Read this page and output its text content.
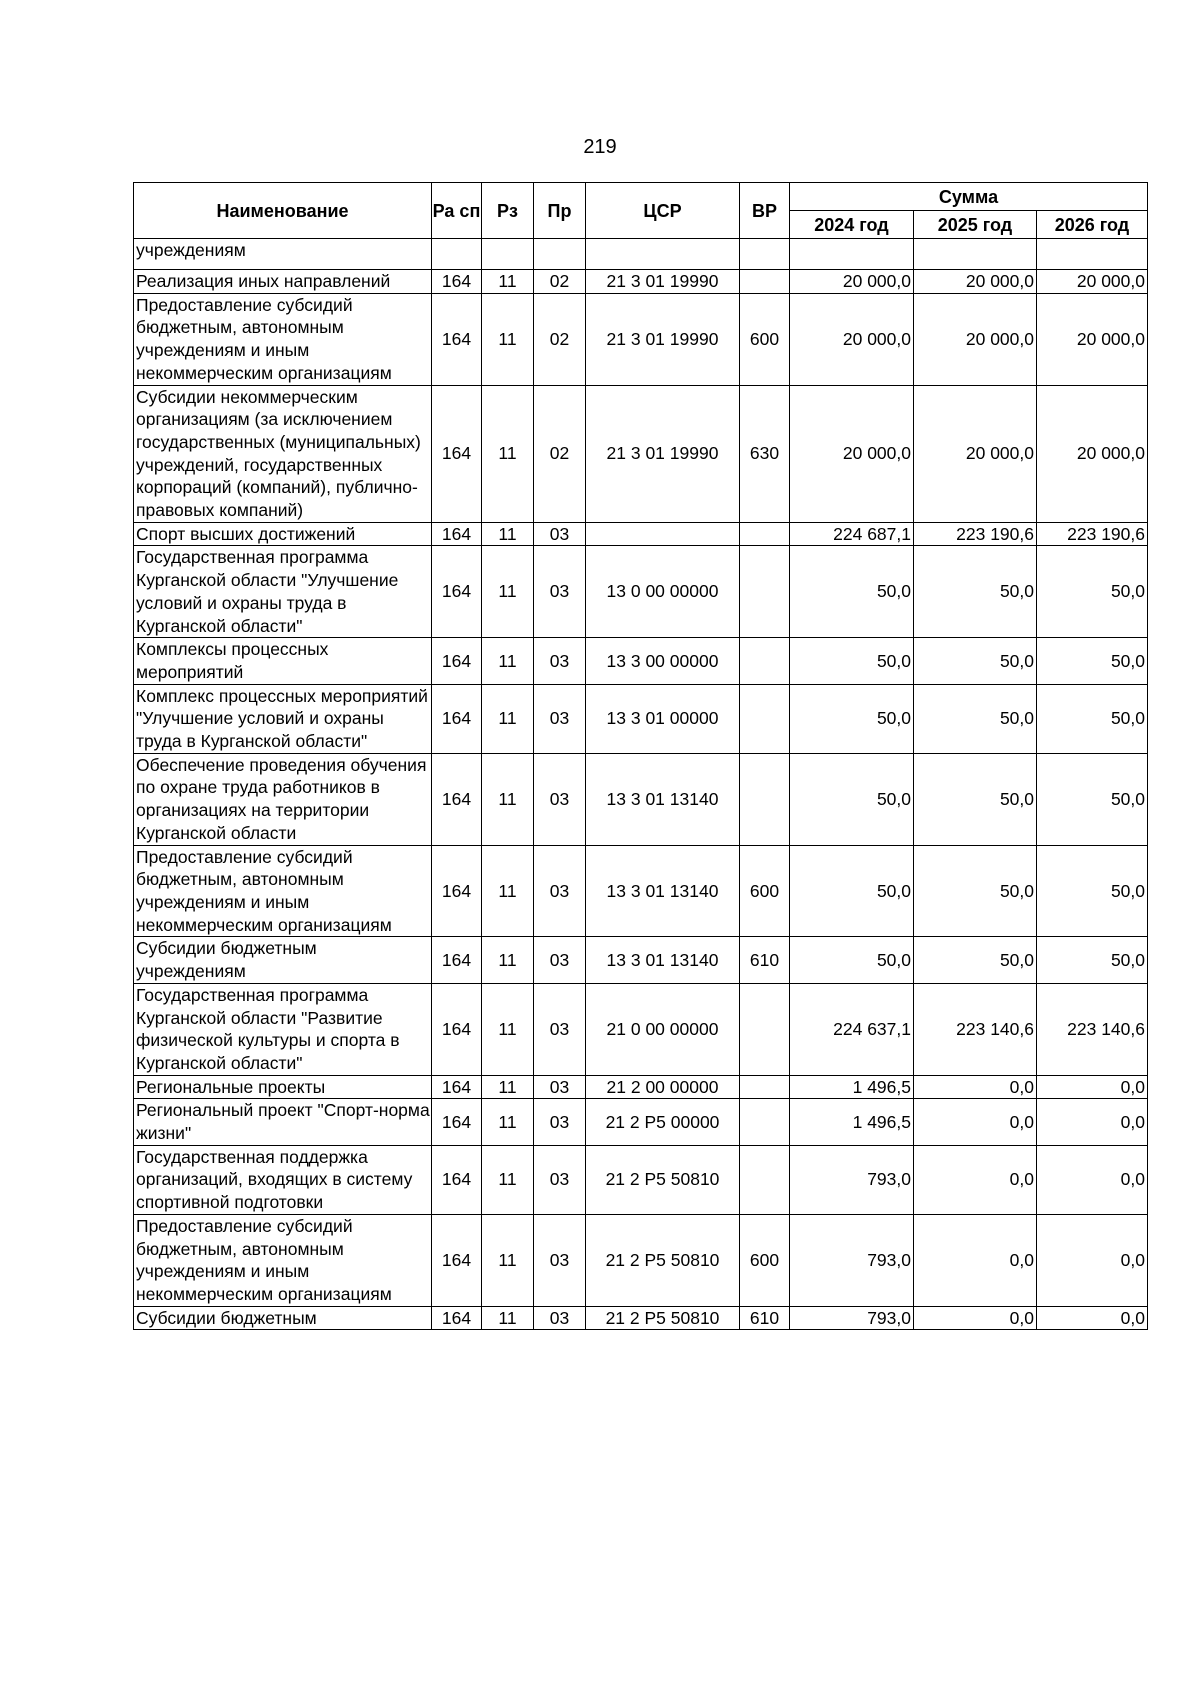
219
Наименование	Ра сп	Рз	Пр	ЦСР	ВР	Сумма		
						2024 год	2025 год	2026 год
учреждениям								
Реализация иных направлений	164	11	02	21 3 01 19990		20 000,0	20 000,0	20 000,0
Предоставление субсидий бюджетным, автономным учреждениям и иным некоммерческим организациям	164	11	02	21 3 01 19990	600	20 000,0	20 000,0	20 000,0
Субсидии некоммерческим организациям (за исключением государственных (муниципальных) учреждений, государственных корпораций (компаний), публично-правовых компаний)	164	11	02	21 3 01 19990	630	20 000,0	20 000,0	20 000,0
Спорт высших достижений	164	11	03			224 687,1	223 190,6	223 190,6
Государственная программа Курганской области "Улучшение условий и охраны труда в Курганской области"	164	11	03	13 0 00 00000		50,0	50,0	50,0
Комплексы процессных мероприятий	164	11	03	13 3 00 00000		50,0	50,0	50,0
Комплекс процессных мероприятий "Улучшение условий и охраны труда в Курганской области"	164	11	03	13 3 01 00000		50,0	50,0	50,0
Обеспечение проведения обучения по охране труда работников в организациях на территории Курганской области	164	11	03	13 3 01 13140		50,0	50,0	50,0
Предоставление субсидий бюджетным, автономным учреждениям и иным некоммерческим организациям	164	11	03	13 3 01 13140	600	50,0	50,0	50,0
Субсидии бюджетным учреждениям	164	11	03	13 3 01 13140	610	50,0	50,0	50,0
Государственная программа Курганской области "Развитие физической культуры и спорта в Курганской области"	164	11	03	21 0 00 00000		224 637,1	223 140,6	223 140,6
Региональные проекты	164	11	03	21 2 00 00000		1 496,5	0,0	0,0
Региональный проект "Спорт-норма жизни"	164	11	03	21 2 P5 00000		1 496,5	0,0	0,0
Государственная поддержка организаций, входящих в систему спортивной подготовки	164	11	03	21 2 P5 50810		793,0	0,0	0,0
Предоставление субсидий бюджетным, автономным учреждениям и иным некоммерческим организациям	164	11	03	21 2 P5 50810	600	793,0	0,0	0,0
Субсидии бюджетным	164	11	03	21 2 P5 50810	610	793,0	0,0	0,0
